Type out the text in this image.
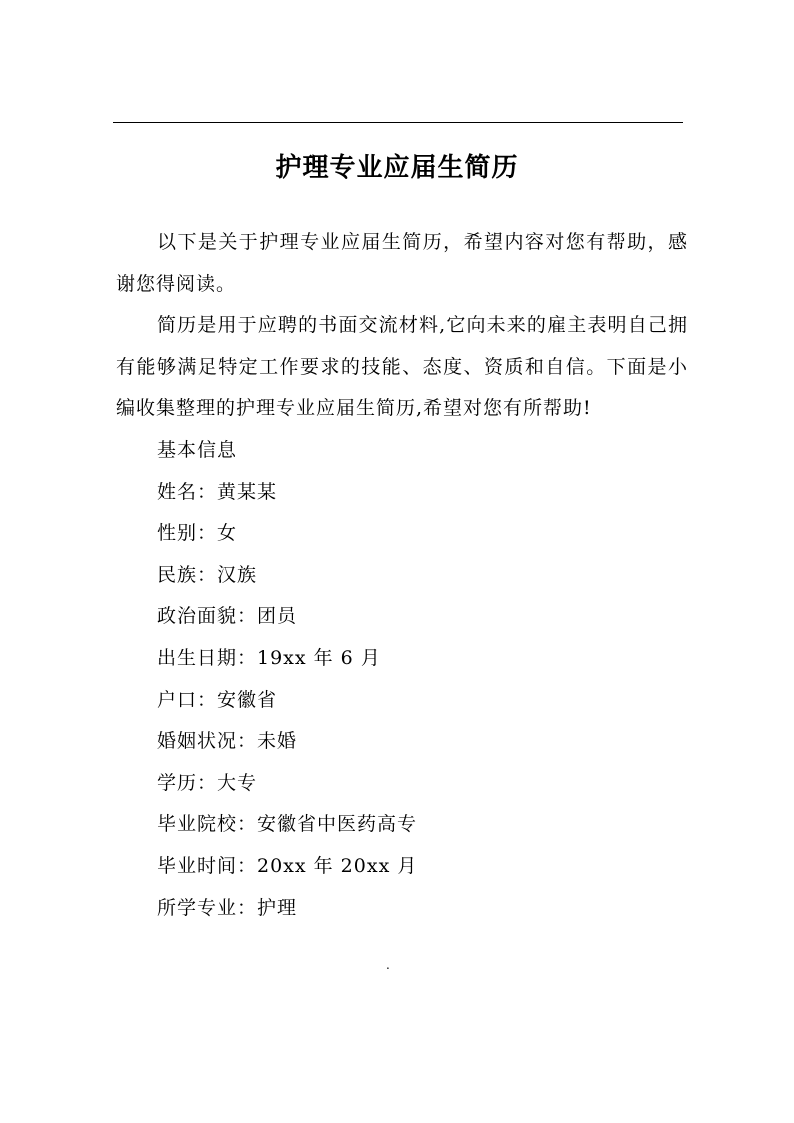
护理专业应届生简历

以下是关于护理专业应届生简历，希望内容对您有帮助，感谢您得阅读。

简历是用于应聘的书面交流材料,它向未来的雇主表明自己拥有能够满足特定工作要求的技能、态度、资质和自信。下面是小编收集整理的护理专业应届生简历,希望对您有所帮助!

基本信息
姓名：黄某某
性别：女
民族：汉族
政治面貌：团员
出生日期：19xx 年 6 月
户口：安徽省
婚姻状况：未婚
学历：大专
毕业院校：安徽省中医药高专
毕业时间：20xx 年 20xx 月
所学专业：护理
.
